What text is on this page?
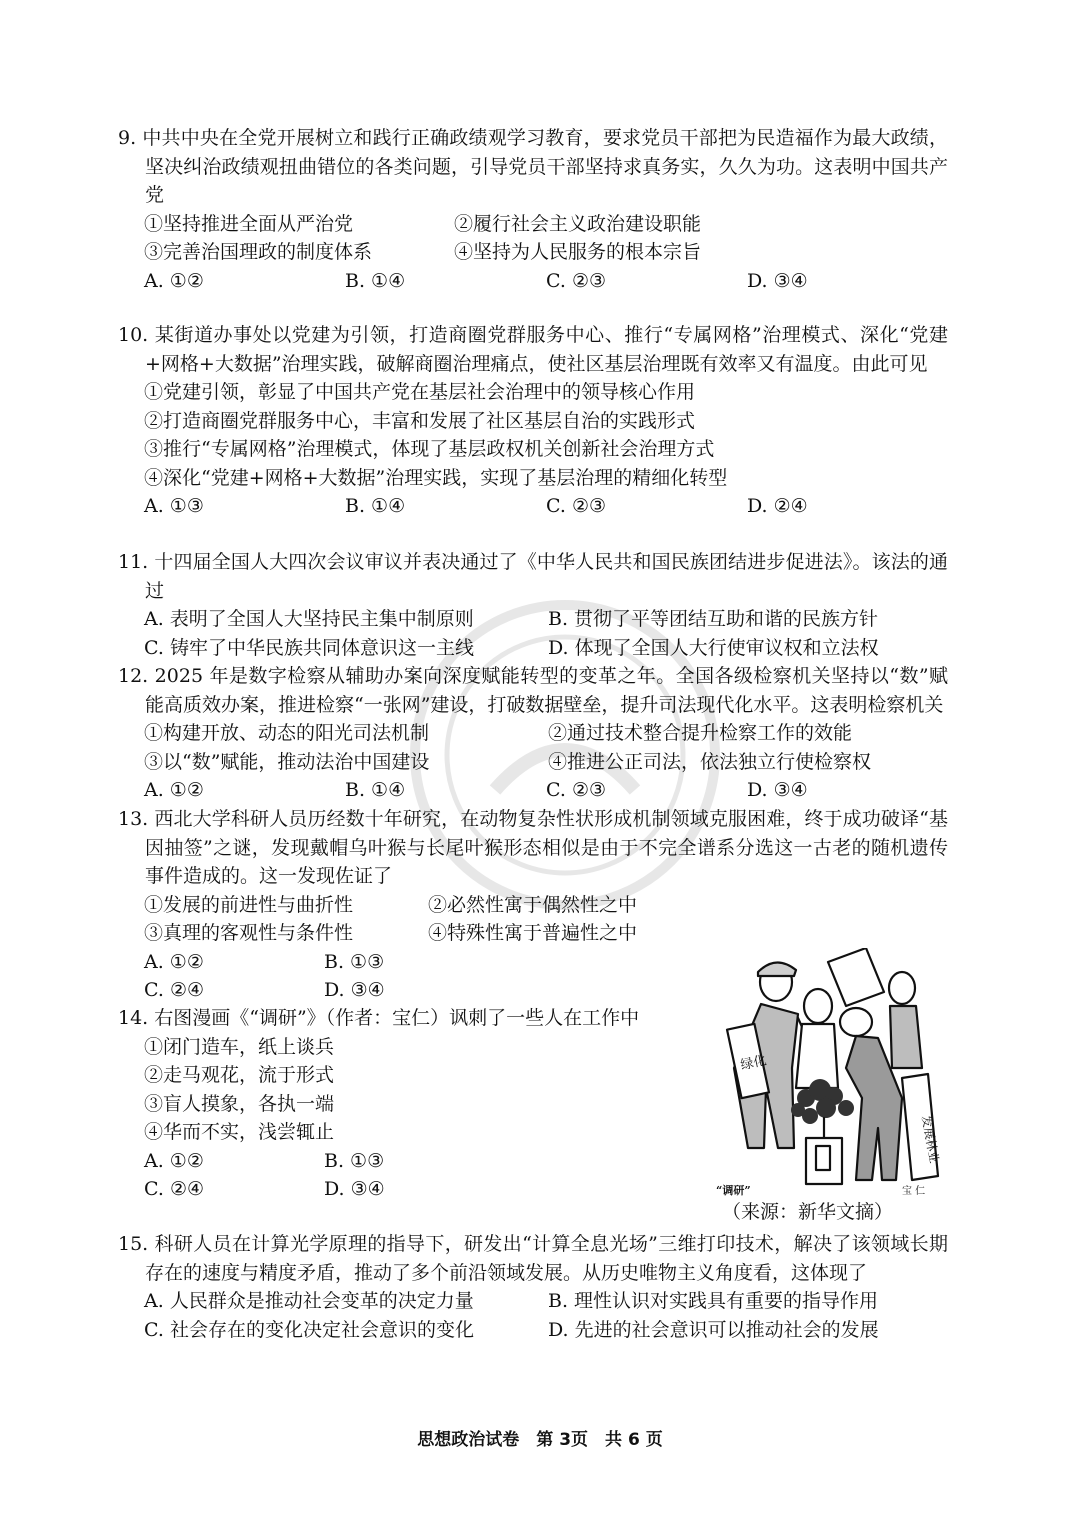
9. 中共中央在全党开展树立和践行正确政绩观学习教育，要求党员干部把为民造福作为最大政绩，坚决纠治政绩观扭曲错位的各类问题，引导党员干部坚持求真务实，久久为功。这表明中国共产党
①坚持推进全面从严治党	②履行社会主义政治建设职能
③完善治国理政的制度体系	④坚持为人民服务的根本宗旨
A. ①②	B. ①④	C. ②③	D. ③④
10. 某街道办事处以党建为引领，打造商圈党群服务中心、推行“专属网格”治理模式、深化“党建+网格+大数据”治理实践，破解商圈治理痛点，使社区基层治理既有效率又有温度。由此可见
①党建引领，彰显了中国共产党在基层社会治理中的领导核心作用
②打造商圈党群服务中心，丰富和发展了社区基层自治的实践形式
③推行“专属网格”治理模式，体现了基层政权机关创新社会治理方式
④深化“党建+网格+大数据”治理实践，实现了基层治理的精细化转型
A. ①③	B. ①④	C. ②③	D. ②④
11. 十四届全国人大四次会议审议并表决通过了《中华人民共和国民族团结进步促进法》。该法的通过
A. 表明了全国人大坚持民主集中制原则	B. 贯彻了平等团结互助和谐的民族方针
C. 铸牢了中华民族共同体意识这一主线	D. 体现了全国人大行使审议权和立法权
12. 2025 年是数字检察从辅助办案向深度赋能转型的变革之年。全国各级检察机关坚持以“数”赋能高质效办案，推进检察“一张网”建设，打破数据壁垒，提升司法现代化水平。这表明检察机关
①构建开放、动态的阳光司法机制	②通过技术整合提升检察工作的效能
③以“数”赋能，推动法治中国建设	④推进公正司法，依法独立行使检察权
A. ①②	B. ①④	C. ②③	D. ③④
13. 西北大学科研人员历经数十年研究，在动物复杂性状形成机制领域克服困难，终于成功破译“基因抽签”之谜，发现戴帽乌叶猴与长尾叶猴形态相似是由于不完全谱系分选这一古老的随机遗传事件造成的。这一发现佐证了
①发展的前进性与曲折性	②必然性寓于偶然性之中
③真理的客观性与条件性	④特殊性寓于普遍性之中
A. ①②	B. ①③
C. ②④	D. ③④
14. 右图漫画《“调研”》（作者：宝仁）讽刺了一些人在工作中
①闭门造车，纸上谈兵
②走马观花，流于形式
③盲人摸象，各执一端
④华而不实，浅尝辄止
A. ①②	B. ①③
C. ②④	D. ③④
绿化
发展林业
“调研”	宝 仁
（来源：新华文摘）
15. 科研人员在计算光学原理的指导下，研发出“计算全息光场”三维打印技术，解决了该领域长期存在的速度与精度矛盾，推动了多个前沿领域发展。从历史唯物主义角度看，这体现了
A. 人民群众是推动社会变革的决定力量	B. 理性认识对实践具有重要的指导作用
C. 社会存在的变化决定社会意识的变化	D. 先进的社会意识可以推动社会的发展
思想政治试卷　第 3页　共 6 页
